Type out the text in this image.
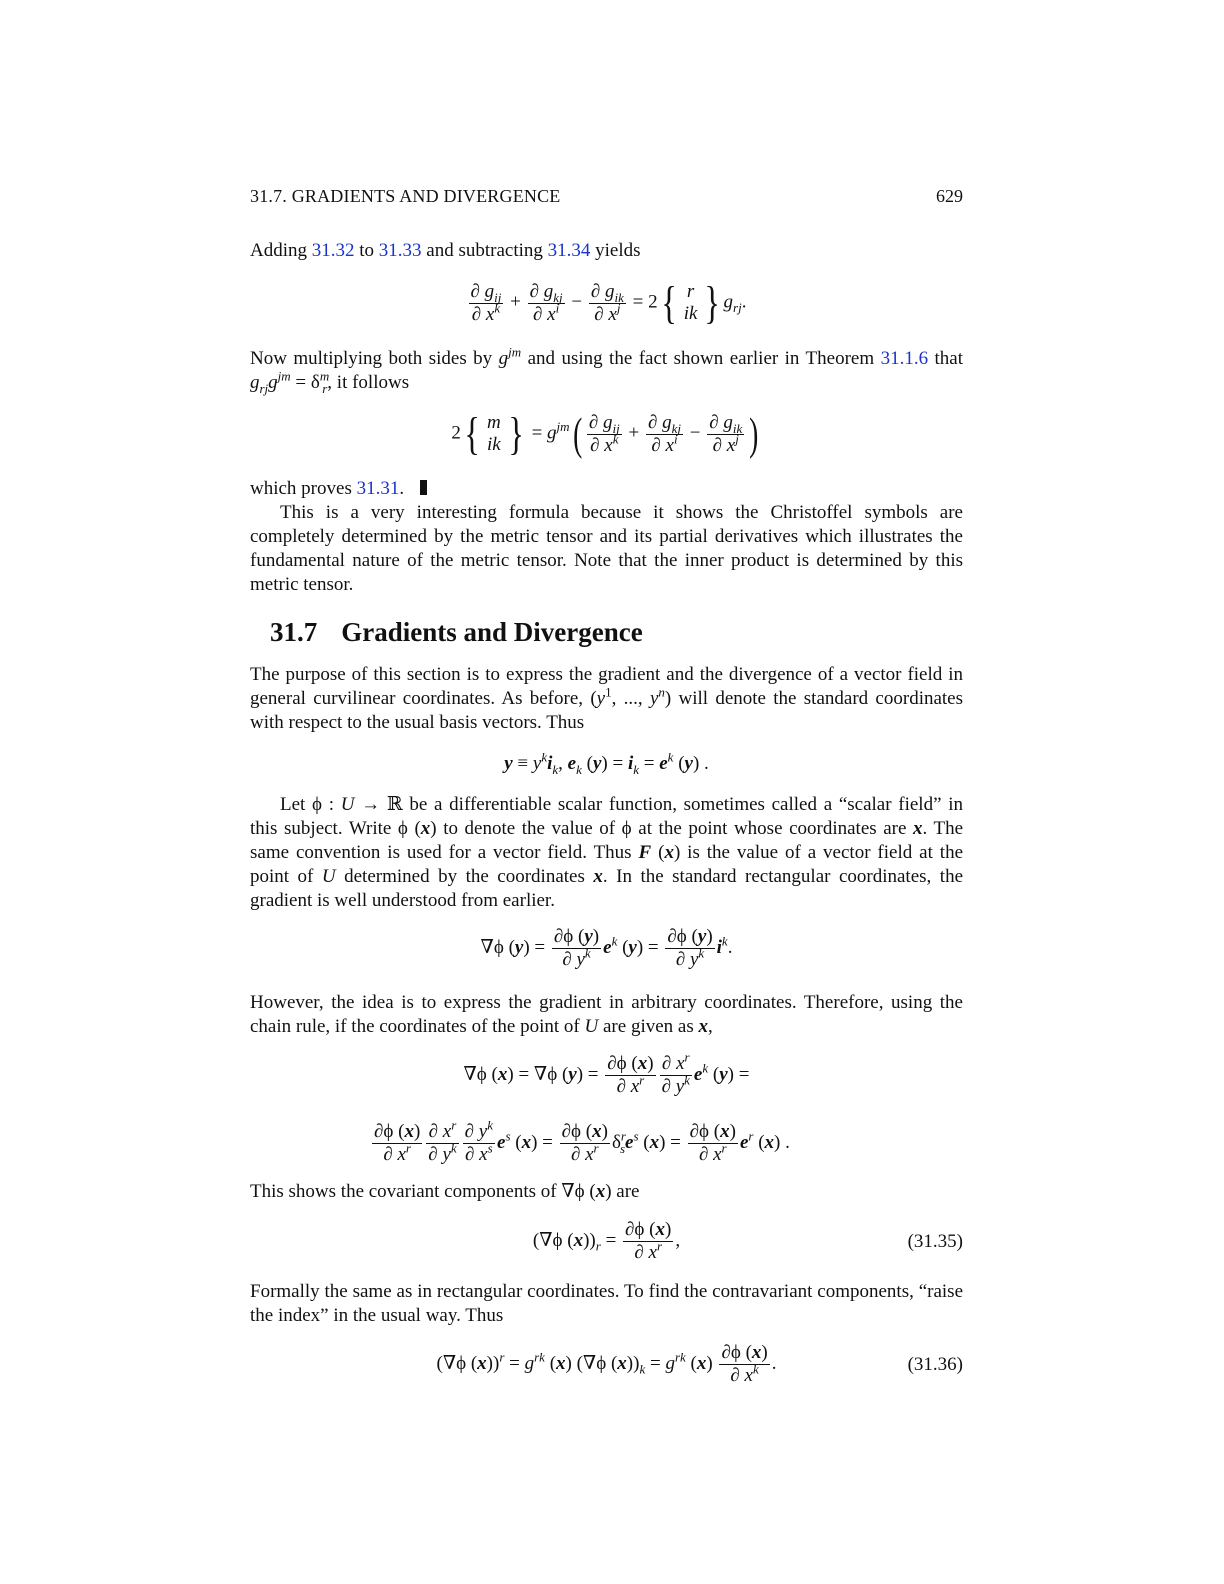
31.7. GRADIENTS AND DIVERGENCE	629

Adding 31.32 to 31.33 and subtracting 31.34 yields

$\frac{\partial g_{ij}}{\partial x^k} + \frac{\partial g_{kj}}{\partial x^i} - \frac{\partial g_{ik}}{\partial x^j} = 2${ r
ik } $g_{rj}$.

Now multiplying both sides by $g^{jm}$ and using the fact shown earlier in Theorem 31.1.6 that $g_{rj}g^{jm} = \delta^m_r$, it follows

2{ m
ik } = $g^{jm}( \frac{\partial g_{ij}}{\partial x^k} + \frac{\partial g_{kj}}{\partial x^i} - \frac{\partial g_{ik}}{\partial x^j}$ )

which proves 31.31.

This is a very interesting formula because it shows the Christoffel symbols are completely determined by the metric tensor and its partial derivatives which illustrates the fundamental nature of the metric tensor. Note that the inner product is determined by this metric tensor.

31.7 Gradients and Divergence

The purpose of this section is to express the gradient and the divergence of a vector field in general curvilinear coordinates. As before, ($y^1$, ..., $y^n$) will denote the standard coordinates with respect to the usual basis vectors. Thus

$y \equiv y^ki_k$, $e_k$ $(y) = i_k = e^k$ (y) .

Let ϕ : U → ℝ be a differentiable scalar function, sometimes called a “scalar field” in this subject. Write ϕ (x) to denote the value of ϕ at the point whose coordinates are x. The same convention is used for a vector field. Thus F (x) is the value of a vector field at the point of U determined by the coordinates x. In the standard rectangular coordinates, the gradient is well understood from earlier.

∇ϕ $(y) = \frac{\partial\phi (y)}{\partial y^k} e^k$ $(y) = \frac{\partial\phi (y)}{\partial y^k} i^k$.

However, the idea is to express the gradient in arbitrary coordinates. Therefore, using the chain rule, if the coordinates of the point of U are given as x,

∇ϕ (x) = ∇ϕ $(y) = \frac{\partial\phi (x)}{\partial x^r} \frac{\partial x^r}{\partial y^k} e^k$ (y) =
$\frac{\partial\phi (x)}{\partial x^r} \frac{\partial x^r}{\partial y^k} \frac{\partial y^k}{\partial x^s} e^s$ $(x) = \frac{\partial\phi (x)}{\partial x^r} \delta^r_se^s$ $(x) = \frac{\partial\phi (x)}{\partial x^r} e^r$ (x) .

This shows the covariant components of ∇ϕ (x) are

(∇ϕ $(x))_r = \frac{\partial\phi (x)}{\partial x^r}$ ,	(31.35)

Formally the same as in rectangular coordinates. To find the contravariant components, “raise the index” in the usual way. Thus

(∇ϕ $(x))^r = g^{rk}$ (x) (∇ϕ $(x))_k = g^{rk}$ $(x) \frac{\partial\phi (x)}{\partial x^k}$ .	(31.36)
